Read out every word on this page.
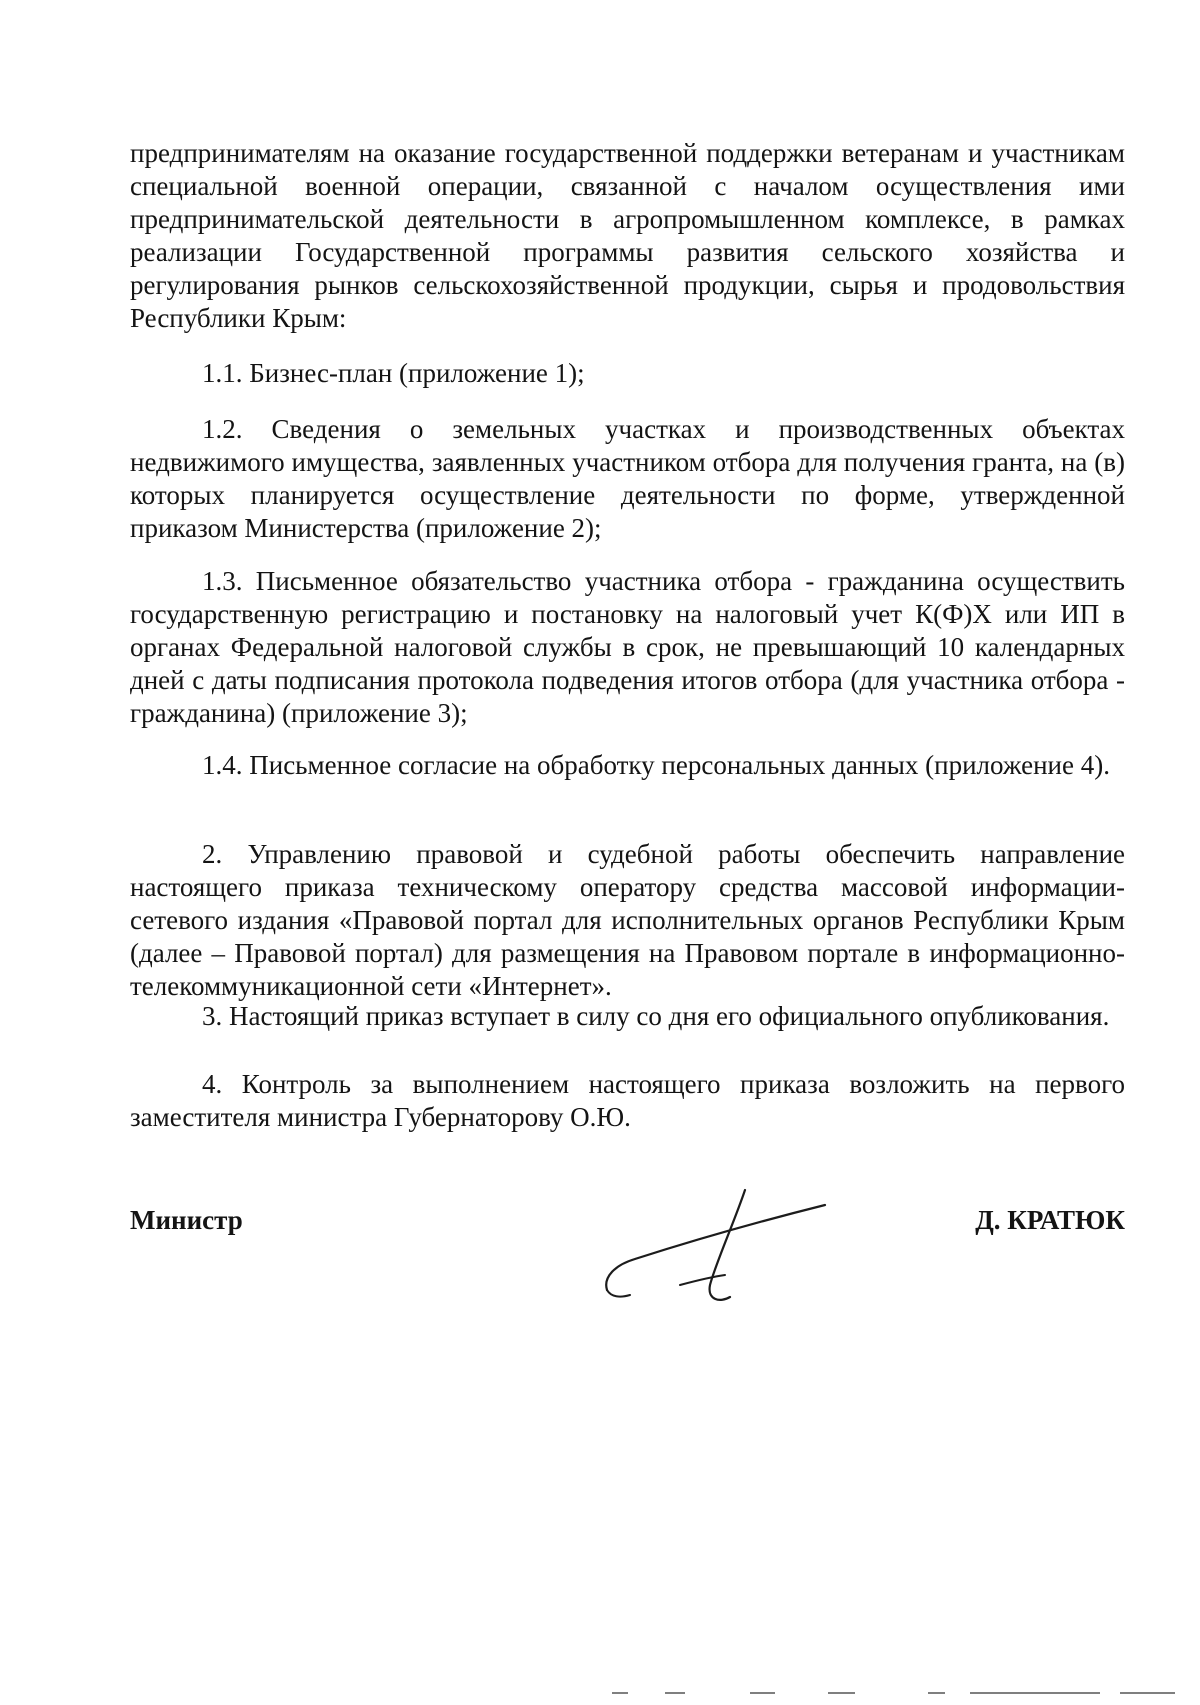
предпринимателям на оказание государственной поддержки ветеранам и участникам специальной военной операции, связанной с началом осуществления ими предпринимательской деятельности в агропромышленном комплексе, в рамках реализации Государственной программы развития сельского хозяйства и регулирования рынков сельскохозяйственной продукции, сырья и продовольствия Республики Крым:

1.1. Бизнес-план (приложение 1);

1.2. Сведения о земельных участках и производственных объектах недвижимого имущества, заявленных участником отбора для получения гранта, на (в) которых планируется осуществление деятельности по форме, утвержденной приказом Министерства (приложение 2);

1.3. Письменное обязательство участника отбора - гражданина осуществить государственную регистрацию и постановку на налоговый учет К(Ф)Х или ИП в органах Федеральной налоговой службы в срок, не превышающий 10 календарных дней с даты подписания протокола подведения итогов отбора (для участника отбора - гражданина) (приложение 3);

1.4. Письменное согласие на обработку персональных данных (приложение 4).

2. Управлению правовой и судебной работы обеспечить направление настоящего приказа техническому оператору средства массовой информации-сетевого издания «Правовой портал для исполнительных органов Республики Крым (далее – Правовой портал) для размещения на Правовом портале в информационно-телекоммуникационной сети «Интернет».

3. Настоящий приказ вступает в силу со дня его официального опубликования.

4. Контроль за выполнением настоящего приказа возложить на первого заместителя министра Губернаторову О.Ю.

Министр	Д. КРАТЮК
